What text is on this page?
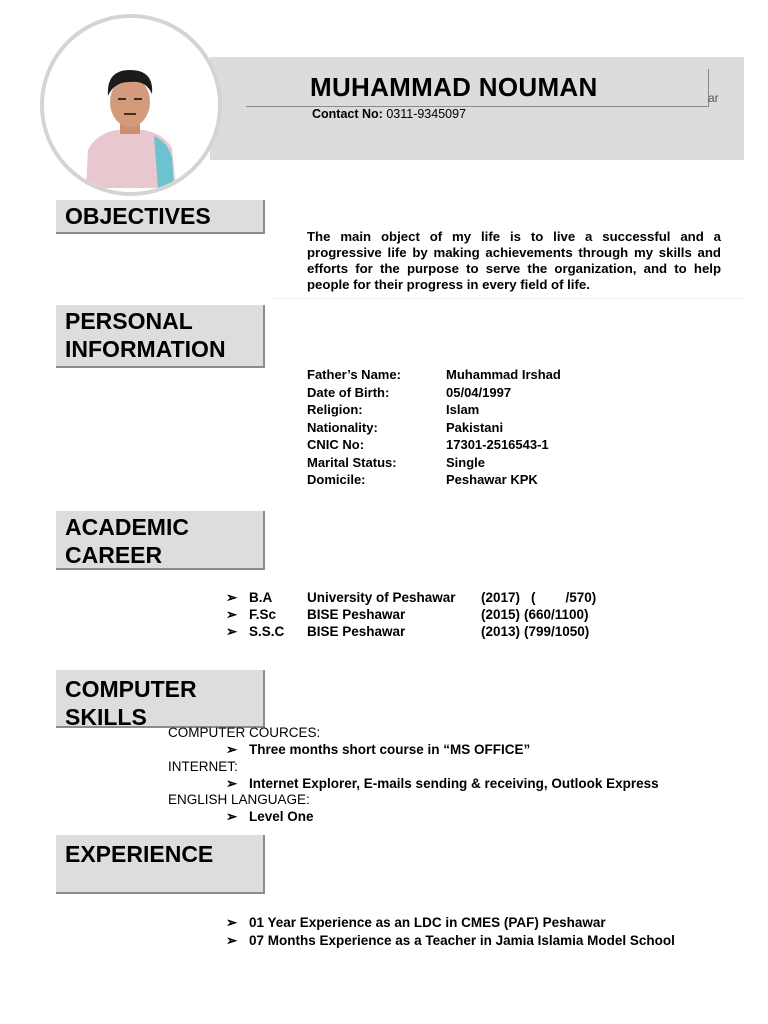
MUHAMMAD NOUMAN	ar
Contact No: 0311-9345097
OBJECTIVES
The main object of my life is to live a successful and a progressive life by making achievements through my skills and efforts for the purpose to serve the organization, and to help people for their progress in every field of life.
PERSONAL
INFORMATION
Father’s Name:	Muhammad Irshad
Date of Birth:	05/04/1997
Religion:	Islam
Nationality:	Pakistani
CNIC No:	17301-2516543-1
Marital Status:	Single
Domicile:	Peshawar KPK
ACADEMIC
CAREER
➢ B.A	University of Peshawar (2017) (        /570)
➢ F.Sc BISE Peshawar	(2015) (660/1100)
➢ S.S.C BISE Peshawar	(2013) (799/1050)
COMPUTER
SKILLS
COMPUTER COURCES:
➢ Three months short course in “MS OFFICE”
INTERNET:
➢ Internet Explorer, E-mails sending & receiving, Outlook Express
ENGLISH LANGUAGE:
➢ Level One
EXPERIENCE
➢ 01 Year Experience as an LDC in CMES (PAF) Peshawar
➢ 07 Months Experience as a Teacher in Jamia Islamia Model School
